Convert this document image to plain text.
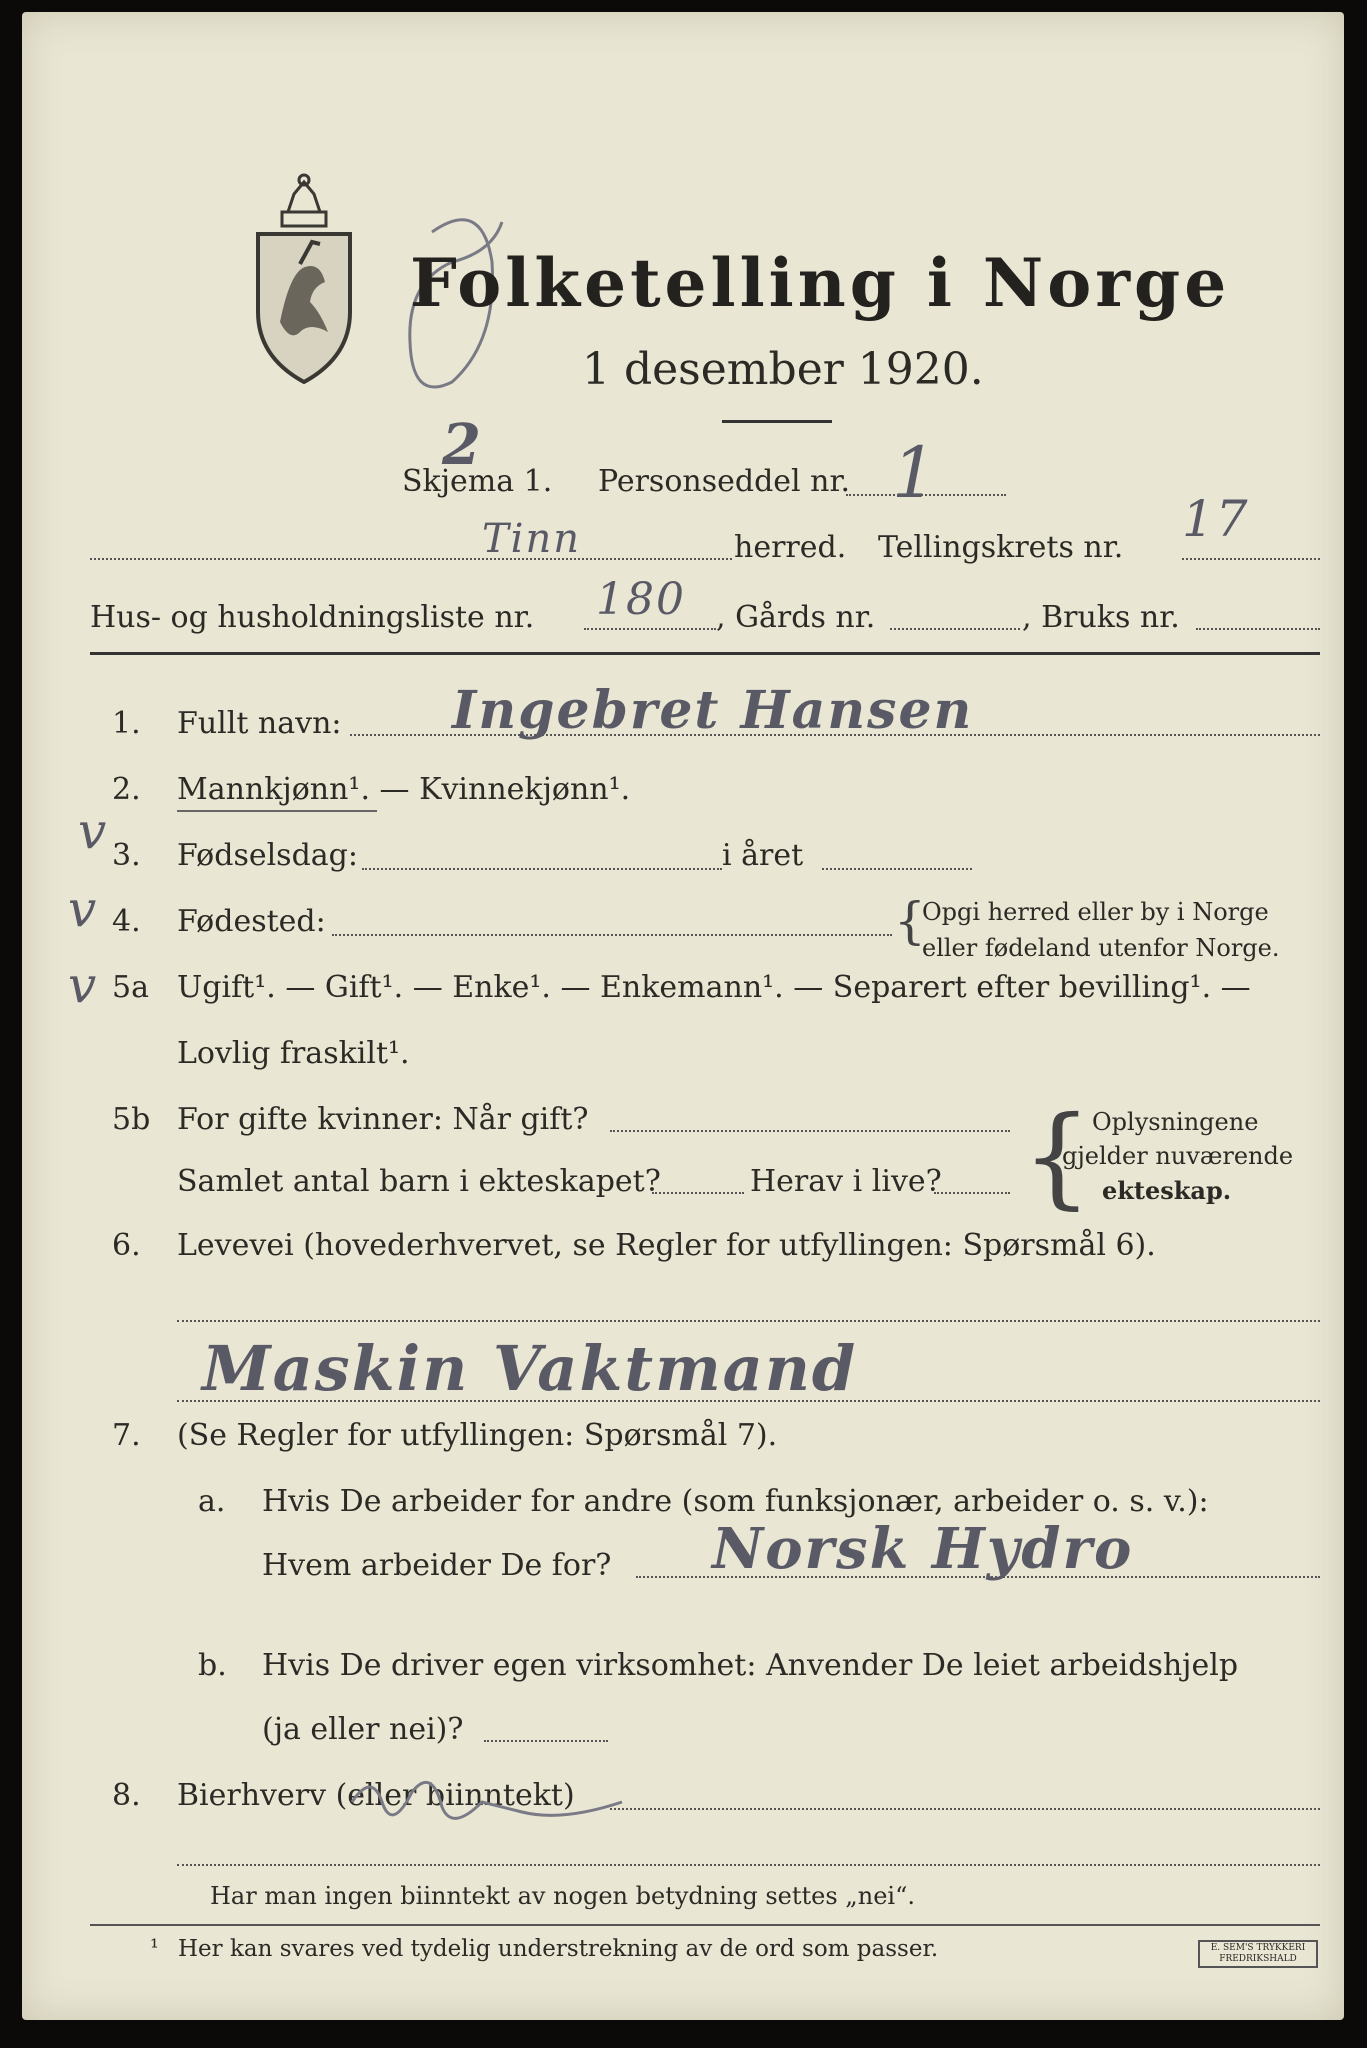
Folketelling i Norge
1 desember 1920.
2
Skjema 1. Personseddel nr. 1
Tinn	herred. Tellingskrets nr. 17
Hus- og husholdningsliste nr. 180 , Gårds nr.	, Bruks nr.
v
v
v
1. Fullt navn: Ingebret Hansen
2. Mannkjønn¹. — Kvinnekjønn¹.
3. Fødselsdag:	i året
4. Fødested:	{
Opgi herred eller by i Norge
eller fødeland utenfor Norge.
5a Ugift¹. — Gift¹. — Enke¹. — Enkemann¹. — Separert efter bevilling¹. —
Lovlig fraskilt¹.
5b For gifte kvinner: Når gift?
Samlet antal barn i ekteskapet?	Herav i live? { Oplysningene
gjelder nuværende
ekteskap.
6. Levevei (hovederhvervet, se Regler for utfyllingen: Spørsmål 6).
Maskin Vaktmand
7. (Se Regler for utfyllingen: Spørsmål 7).
a. Hvis De arbeider for andre (som funksjonær, arbeider o. s. v.):
Hvem arbeider De for? Norsk Hydro
b. Hvis De driver egen virksomhet: Anvender De leiet arbeidshjelp
(ja eller nei)?
8. Bierhverv (eller biinntekt)
Har man ingen biinntekt av nogen betydning settes „nei“.
¹ Her kan svares ved tydelig understrekning av de ord som passer.	E. SEM'S TRYKKERI FREDRIKSHALD
